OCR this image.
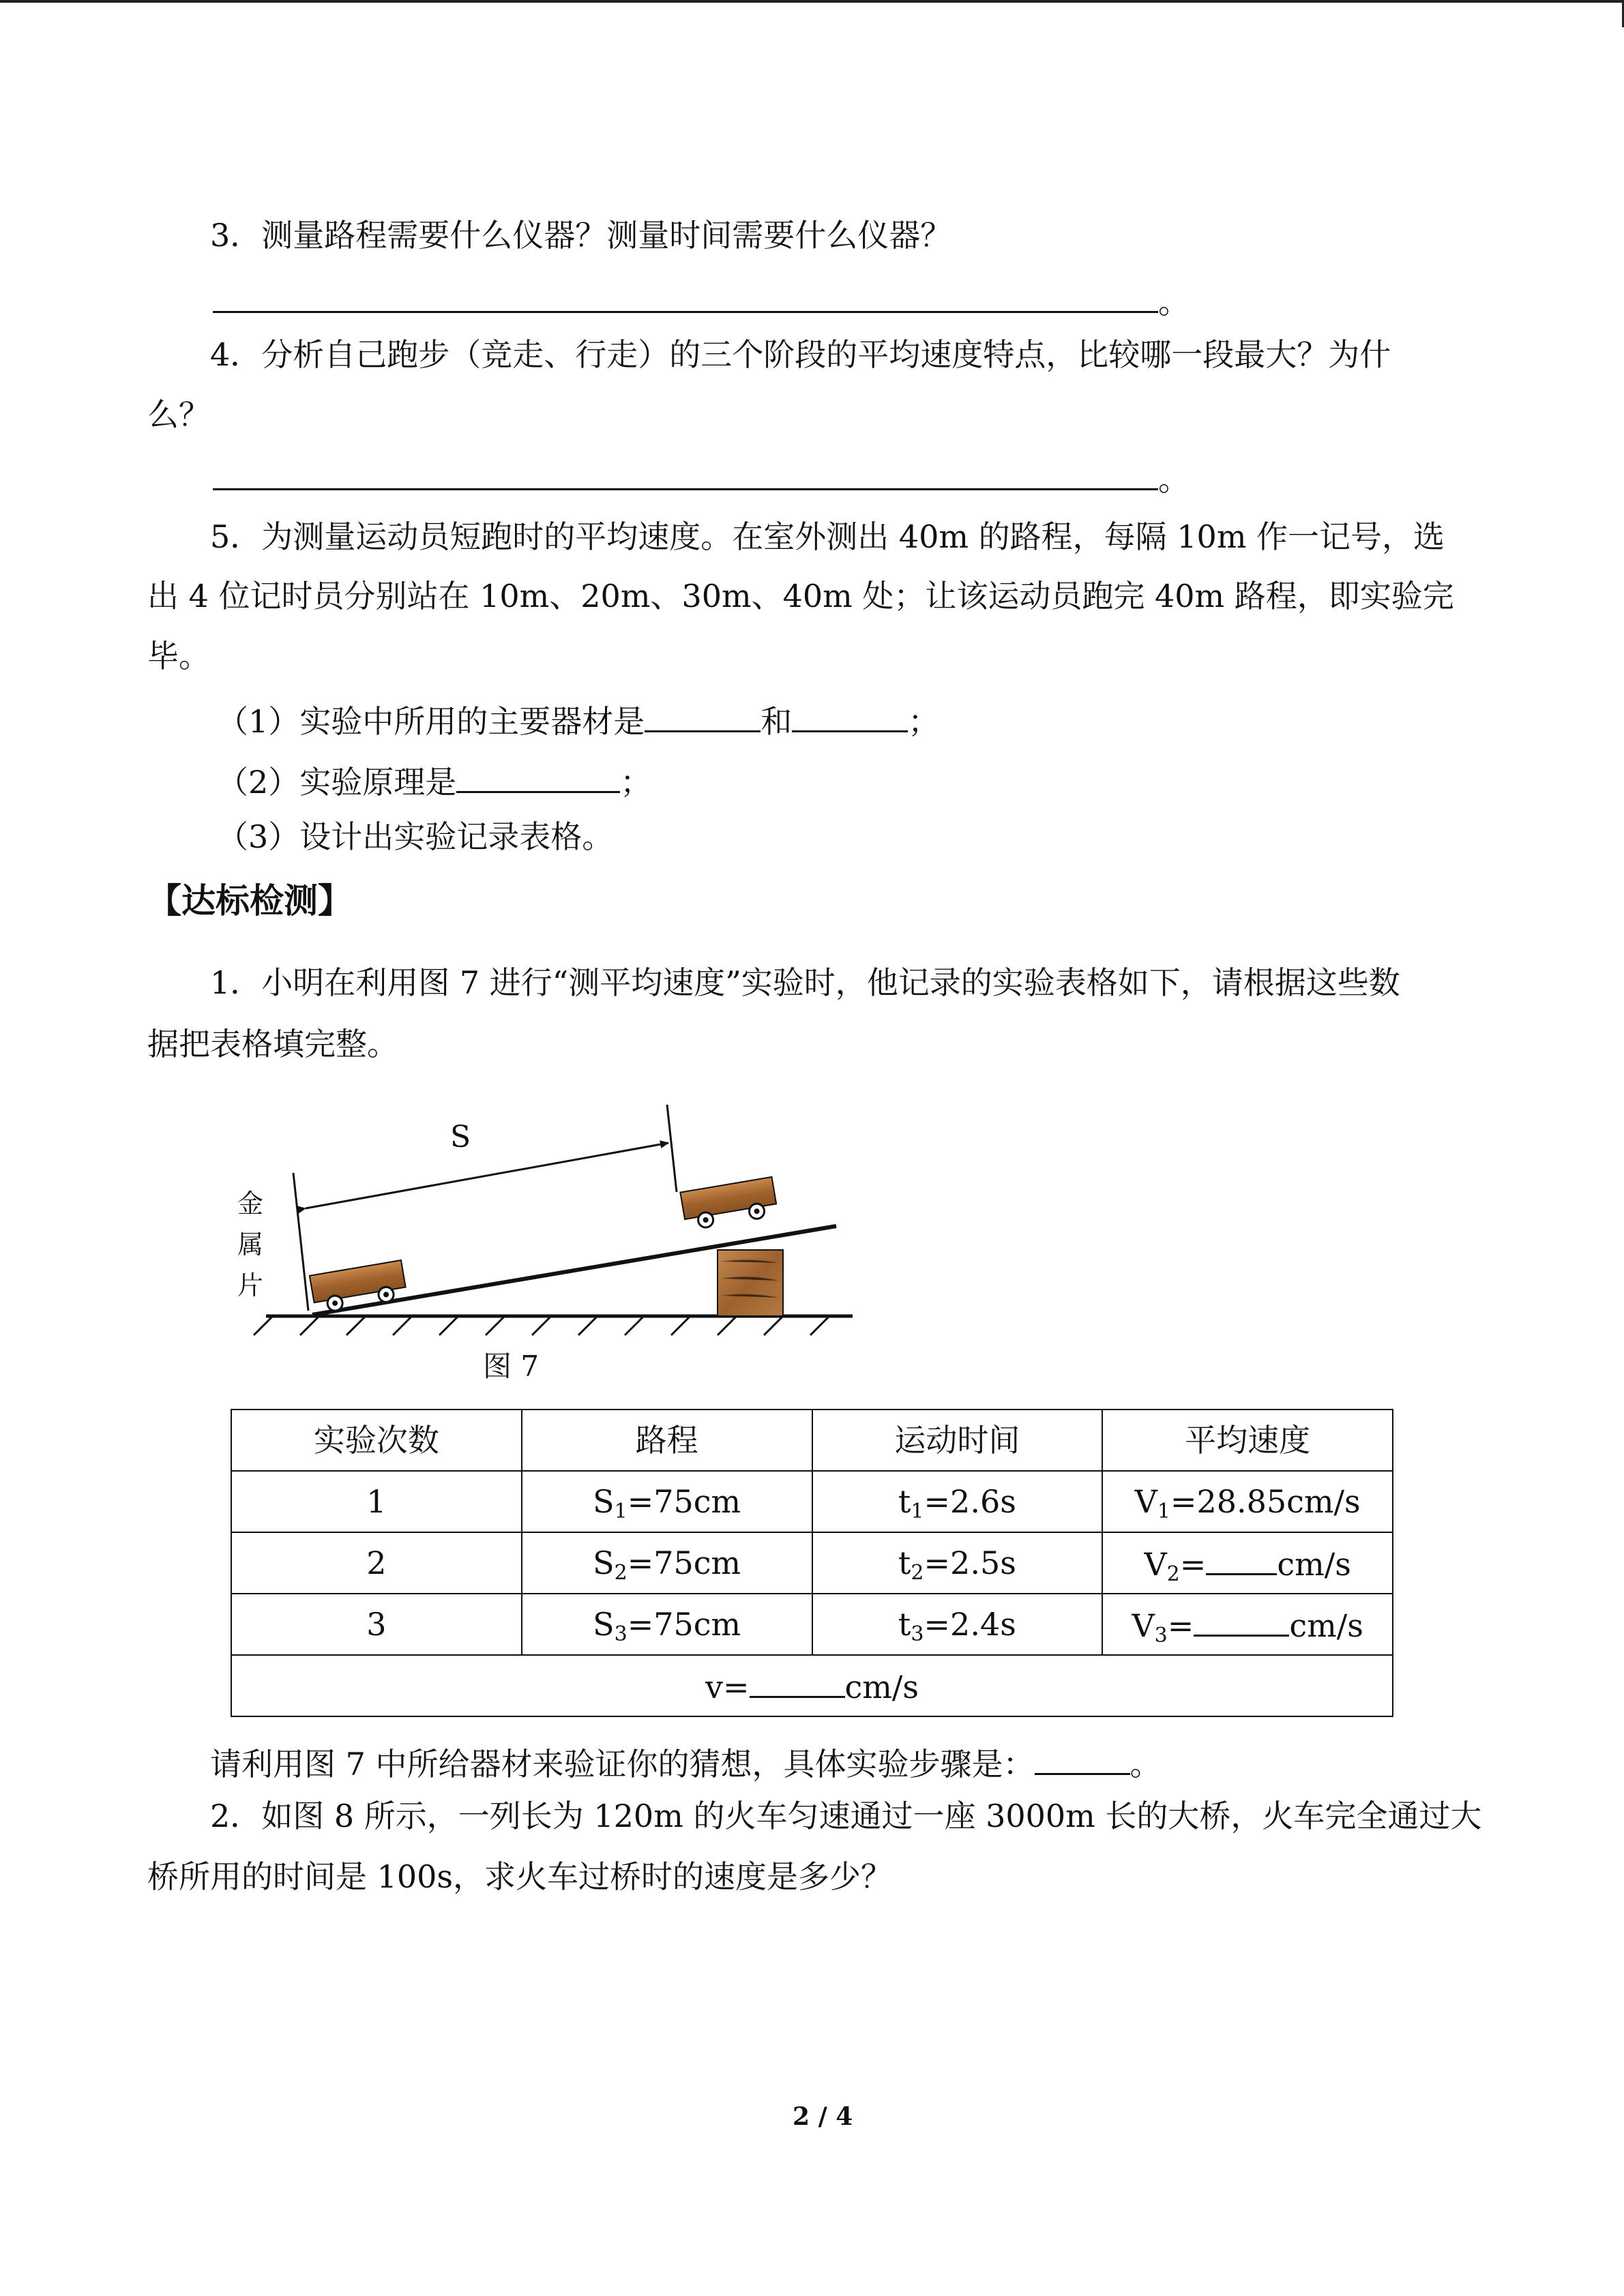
3．测量路程需要什么仪器？测量时间需要什么仪器？
。
4．分析自己跑步（竞走、行走）的三个阶段的平均速度特点，比较哪一段最大？为什
么？
。
5．为测量运动员短跑时的平均速度。在室外测出 40m 的路程，每隔 10m 作一记号，选
出 4 位记时员分别站在 10m、20m、30m、40m 处；让该运动员跑完 40m 路程，即实验完
毕。
（1）实验中所用的主要器材是	和	；
（2）实验原理是	；
（3）设计出实验记录表格。
【达标检测】
1．小明在利用图 7 进行“测平均速度”实验时，他记录的实验表格如下，请根据这些数
据把表格填完整。
S
金
属
片
图 7
实验次数	路程	运动时间	平均速度
1	$S_1=75cm$	$t_1=2.6s$	$V_1=28.85cm/s$
2	$S_2=75cm$	$t_2=2.5s$	$V_2= cm/s$
3	$S_3=75cm$	$t_3=2.4s$	$V_3= cm/s$
v= cm/s			
请利用图 7 中所给器材来验证你的猜想，具体实验步骤是：	。
2．如图 8 所示，一列长为 120m 的火车匀速通过一座 3000m 长的大桥，火车完全通过大
桥所用的时间是 100s，求火车过桥时的速度是多少？
2 / 4
